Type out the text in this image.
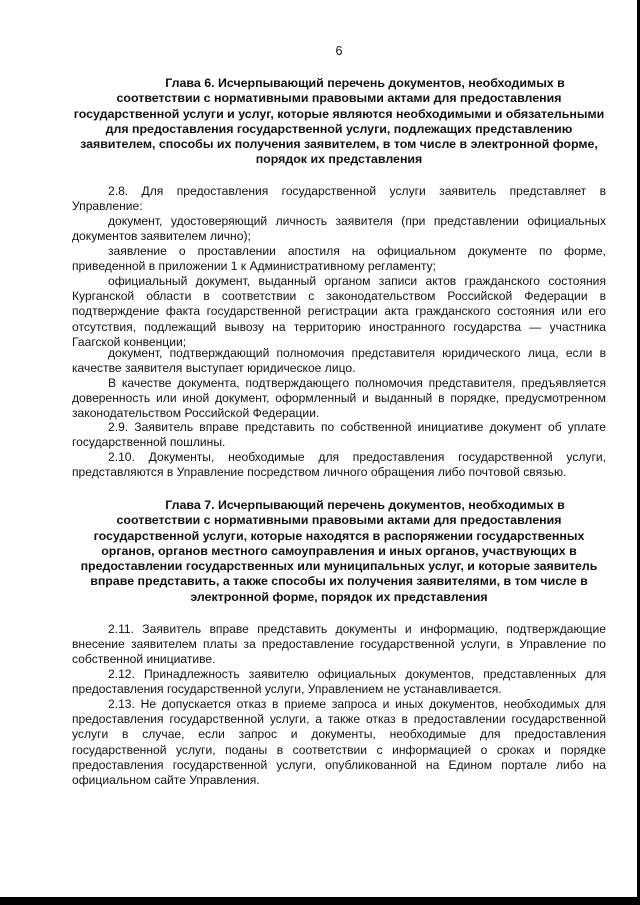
6

Глава 6. Исчерпывающий перечень документов, необходимых в соответствии с нормативными правовыми актами для предоставления государственной услуги и услуг, которые являются необходимыми и обязательными для предоставления государственной услуги, подлежащих представлению заявителем, способы их получения заявителем, в том числе в электронной форме, порядок их представления

2.8. Для предоставления государственной услуги заявитель представляет в Управление:

документ, удостоверяющий личность заявителя (при представлении официальных документов заявителем лично);

заявление о проставлении апостиля на официальном документе по форме, приведенной в приложении 1 к Административному регламенту;

официальный документ, выданный органом записи актов гражданского состояния Курганской области в соответствии с законодательством Российской Федерации в подтверждение факта государственной регистрации акта гражданского состояния или его отсутствия, подлежащий вывозу на территорию иностранного государства — участника Гаагской конвенции;

документ, подтверждающий полномочия представителя юридического лица, если в качестве заявителя выступает юридическое лицо.

В качестве документа, подтверждающего полномочия представителя, предъявляется доверенность или иной документ, оформленный и выданный в порядке, предусмотренном законодательством Российской Федерации.

2.9. Заявитель вправе представить по собственной инициативе документ об уплате государственной пошлины.

2.10. Документы, необходимые для предоставления государственной услуги, представляются в Управление посредством личного обращения либо почтовой связью.

Глава 7. Исчерпывающий перечень документов, необходимых в соответствии с нормативными правовыми актами для предоставления государственной услуги, которые находятся в распоряжении государственных органов, органов местного самоуправления и иных органов, участвующих в предоставлении государственных или муниципальных услуг, и которые заявитель вправе представить, а также способы их получения заявителями, в том числе в электронной форме, порядок их представления

2.11. Заявитель вправе представить документы и информацию, подтверждающие внесение заявителем платы за предоставление государственной услуги, в Управление по собственной инициативе.

2.12. Принадлежность заявителю официальных документов, представленных для предоставления государственной услуги, Управлением не устанавливается.

2.13. Не допускается отказ в приеме запроса и иных документов, необходимых для предоставления государственной услуги, а также отказ в предоставлении государственной услуги в случае, если запрос и документы, необходимые для предоставления государственной услуги, поданы в соответствии с информацией о сроках и порядке предоставления государственной услуги, опубликованной на Едином портале либо на официальном сайте Управления.
